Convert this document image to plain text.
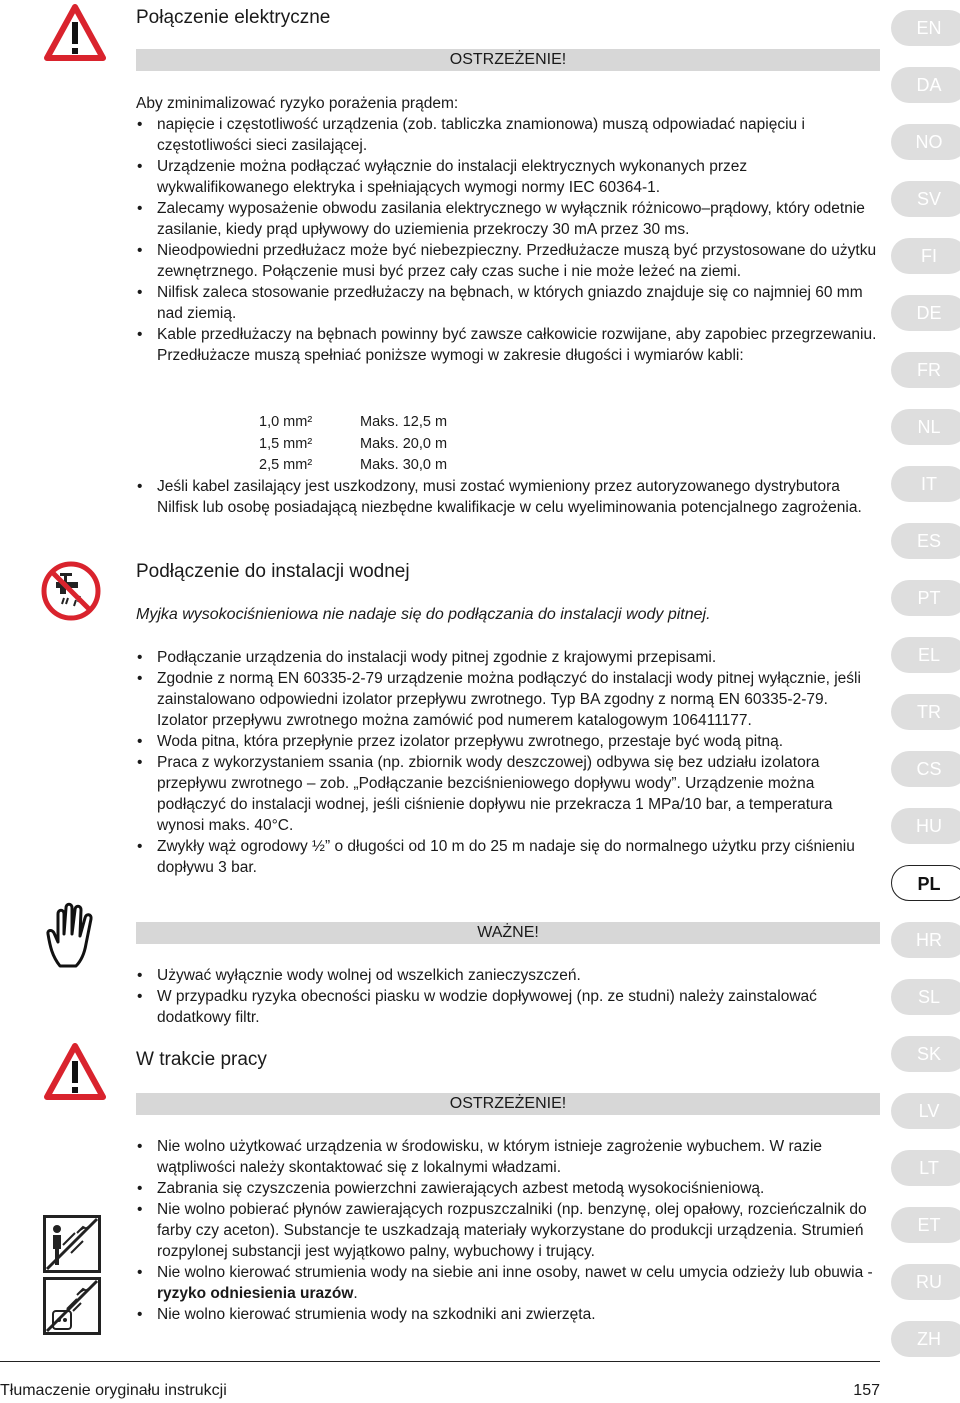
Połączenie elektryczne
OSTRZEŻENIE!
Aby zminimalizować ryzyko porażenia prądem:
• napięcie i częstotliwość urządzenia (zob. tabliczka znamionowa) muszą odpowiadać napięciu i częstotliwości sieci zasilającej.
• Urządzenie można podłączać wyłącznie do instalacji elektrycznych wykonanych przez wykwalifikowanego elektryka i spełniających wymogi normy IEC 60364-1.
• Zalecamy wyposażenie obwodu zasilania elektrycznego w wyłącznik różnicowo‒prądowy, który odetnie zasilanie, kiedy prąd upływowy do uziemienia przekroczy 30 mA przez 30 ms.
• Nieodpowiedni przedłużacz może być niebezpieczny. Przedłużacze muszą być przystosowane do użytku zewnętrznego. Połączenie musi być przez cały czas suche i nie może leżeć na ziemi.
• Nilfisk zaleca stosowanie przedłużaczy na bębnach, w których gniazdo znajduje się co najmniej 60 mm nad ziemią.
• Kable przedłużaczy na bębnach powinny być zawsze całkowicie rozwijane, aby zapobiec przegrzewaniu. Przedłużacze muszą spełniać poniższe wymogi w zakresie długości i wymiarów kabli:
1,0 mm²	Maks. 12,5 m
1,5 mm²	Maks. 20,0 m
2,5 mm²	Maks. 30,0 m
• Jeśli kabel zasilający jest uszkodzony, musi zostać wymieniony przez autoryzowanego dystrybutora Nilfisk lub osobę posiadającą niezbędne kwalifikacje w celu wyeliminowania potencjalnego zagrożenia.
Podłączenie do instalacji wodnej
Myjka wysokociśnieniowa nie nadaje się do podłączania do instalacji wody pitnej.
• Podłączanie urządzenia do instalacji wody pitnej zgodnie z krajowymi przepisami.
• Zgodnie z normą EN 60335-2-79 urządzenie można podłączyć do instalacji wody pitnej wyłącznie, jeśli zainstalowano odpowiedni izolator przepływu zwrotnego. Typ BA zgodny z normą EN 60335-2-79. Izolator przepływu zwrotnego można zamówić pod numerem katalogowym 106411177.
• Woda pitna, która przepłynie przez izolator przepływu zwrotnego, przestaje być wodą pitną.
• Praca z wykorzystaniem ssania (np. zbiornik wody deszczowej) odbywa się bez udziału izolatora przepływu zwrotnego – zob. „Podłączanie bezciśnieniowego dopływu wody”. Urządzenie można podłączyć do instalacji wodnej, jeśli ciśnienie dopływu nie przekracza 1 MPa/10 bar, a temperatura wynosi maks. 40°C.
• Zwykły wąż ogrodowy ½” o długości od 10 m do 25 m nadaje się do normalnego użytku przy ciśnieniu dopływu 3 bar.
WAŻNE!
• Używać wyłącznie wody wolnej od wszelkich zanieczyszczeń.
• W przypadku ryzyka obecności piasku w wodzie dopływowej (np. ze studni) należy zainstalować dodatkowy filtr.
W trakcie pracy
OSTRZEŻENIE!
• Nie wolno użytkować urządzenia w środowisku, w którym istnieje zagrożenie wybuchem. W razie wątpliwości należy skontaktować się z lokalnymi władzami.
• Zabrania się czyszczenia powierzchni zawierających azbest metodą wysokociśnieniową.
• Nie wolno pobierać płynów zawierających rozpuszczalniki (np. benzynę, olej opałowy, rozcieńczalnik do farby czy aceton). Substancje te uszkadzają materiały wykorzystane do produkcji urządzenia. Strumień rozpylonej substancji jest wyjątkowo palny, wybuchowy i trujący.
• Nie wolno kierować strumienia wody na siebie ani inne osoby, nawet w celu umycia odzieży lub obuwia - ryzyko odniesienia urazów.
• Nie wolno kierować strumienia wody na szkodniki ani zwierzęta.
EN
DA
NO
SV
FI
DE
FR
NL
IT
ES
PT
EL
TR
CS
HU
PL
HR
SL
SK
LV
LT
ET
RU
ZH
Tłumaczenie oryginału instrukcji	157
